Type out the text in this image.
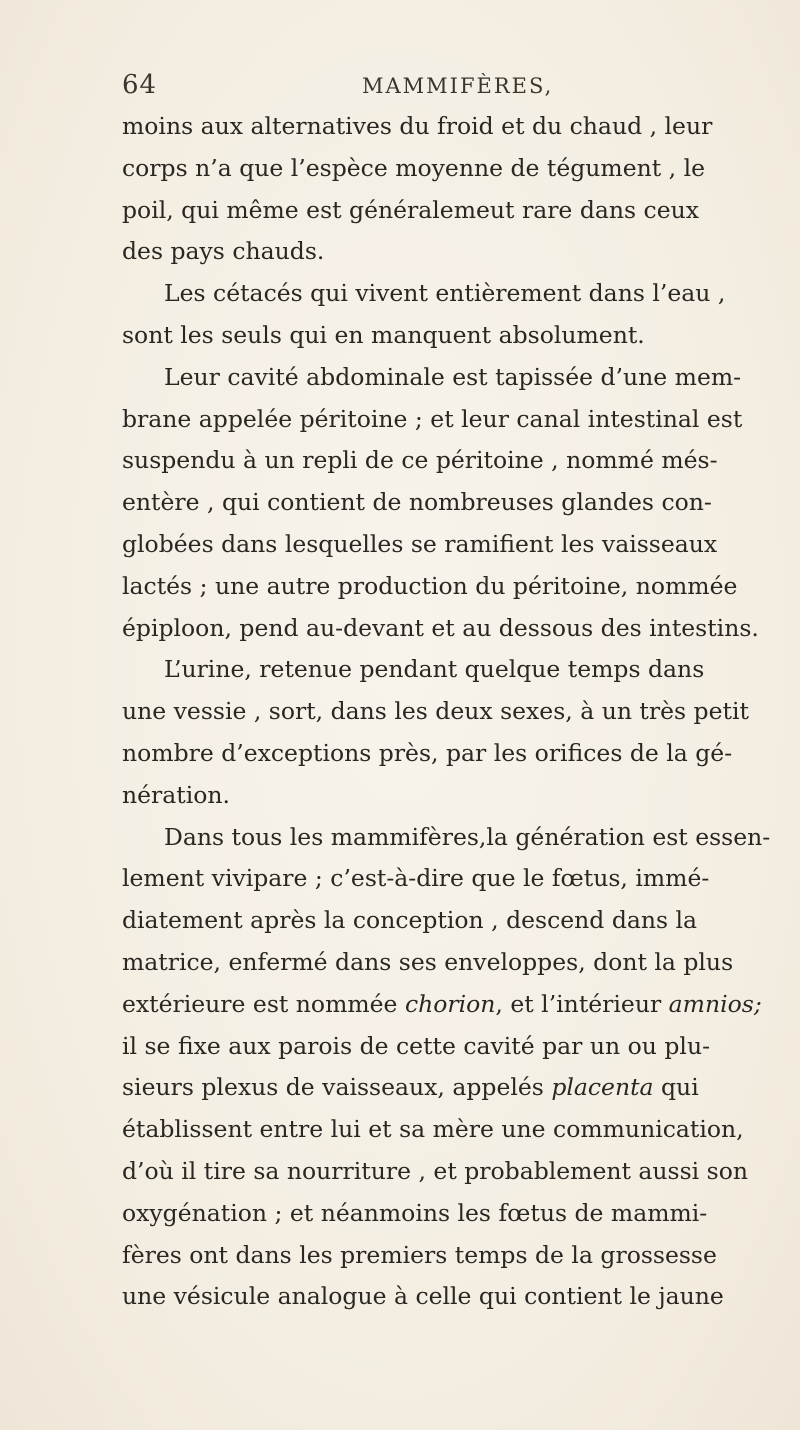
64	MAMMIFÈRES,
moins aux alternatives du froid et du chaud , leur
corps n’a que l’espèce moyenne de tégument , le
poil, qui même est généralemeut rare dans ceux
des pays chauds.
Les cétacés qui vivent entièrement dans l’eau ,
sont les seuls qui en manquent absolument.
Leur cavité abdominale est tapissée d’une mem-
brane appelée péritoine ; et leur canal intestinal est
suspendu à un repli de ce péritoine , nommé més-
entère , qui contient de nombreuses glandes con-
globées dans lesquelles se ramifient les vaisseaux
lactés ; une autre production du péritoine, nommée
épiploon, pend au-devant et au dessous des intestins.
L’urine, retenue pendant quelque temps dans
une vessie , sort, dans les deux sexes, à un très petit
nombre d’exceptions près, par les orifices de la gé-
nération.
Dans tous les mammifères,la génération est essen-
lement vivipare ; c’est-à-dire que le fœtus, immé-
diatement après la conception , descend dans la
matrice, enfermé dans ses enveloppes, dont la plus
extérieure est nommée chorion, et l’intérieur amnios;
il se fixe aux parois de cette cavité par un ou plu-
sieurs plexus de vaisseaux, appelés placenta qui
établissent entre lui et sa mère une communication,
d’où il tire sa nourriture , et probablement aussi son
oxygénation ; et néanmoins les fœtus de mammi-
fères ont dans les premiers temps de la grossesse
une vésicule analogue à celle qui contient le jaune
